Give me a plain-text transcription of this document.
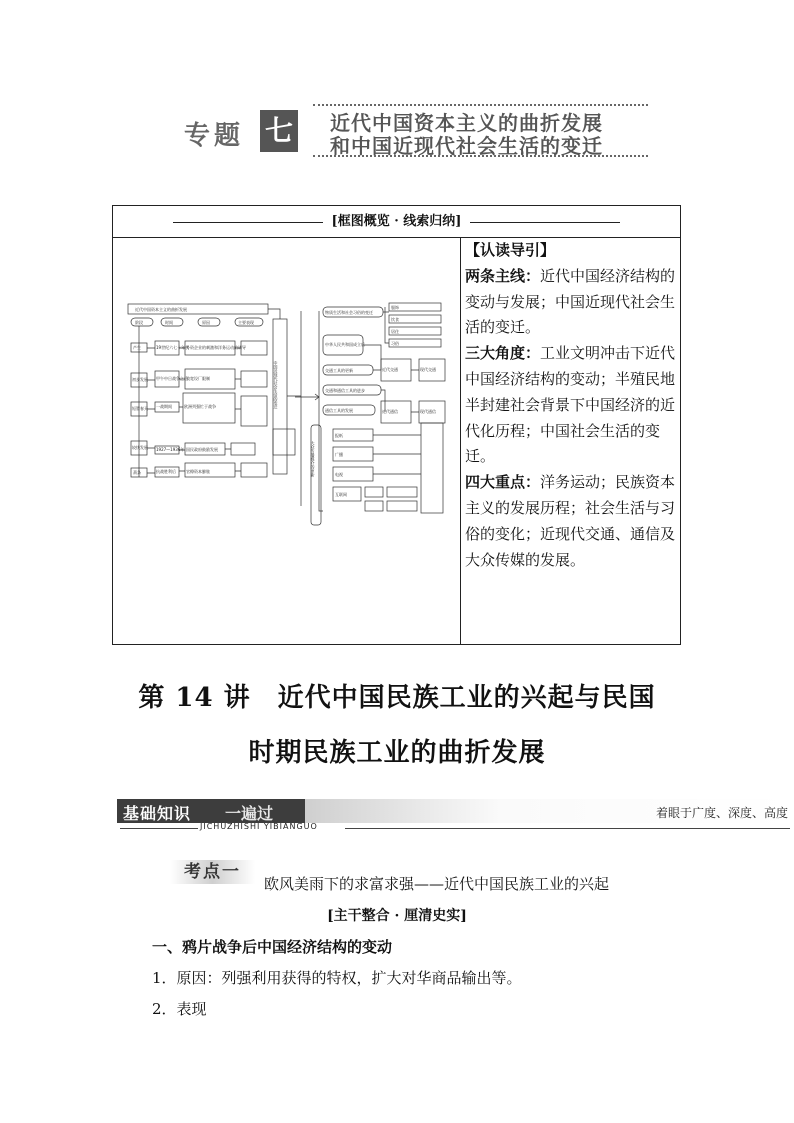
专题 七 近代中国资本主义的曲折发展
和中国近现代社会生活的变迁
[框图概览 · 线索归纳]
近代中国资本主义的曲折发展
阶段	时间	原因	主要表现
产生
初步发展
短暂春天
较快发展
萧条
19世纪六七十年代
外资企业的刺激和洋务运动的诱导
甲午中日战争之后
放宽设厂限制
一战期间	欧洲列强忙于战争
1927—1936年 国民政府鼓励发展
抗战胜利后	官僚资本膨胀
中国近现代社会生活的变迁
物质生活和社会习俗的变迁
中华人民共和国成立后
交通工具的更新
交通和通信工具的进步
通信工具的发展
大众传播媒介的更新
服饰
饮食
居住
习俗
近代交通	现代交通
近代通信	现代通信
报纸
广播
电视
互联网
【认读导引】
两条主线：近代中国经济结构的变动与发展；中国近现代社会生活的变迁。
三大角度：工业文明冲击下近代中国经济结构的变动；半殖民地半封建社会背景下中国经济的近代化历程；中国社会生活的变迁。
四大重点：洋务运动；民族资本主义的发展历程；社会生活与习俗的变化；近现代交通、通信及大众传媒的发展。
第 14 讲　近代中国民族工业的兴起与民国
时期民族工业的曲折发展
基础知识 一遍过	着眼于广度、深度、高度
JICHUZHISHI YIBIANGUO
考点一
欧风美雨下的求富求强——近代中国民族工业的兴起
[主干整合 · 厘清史实]
一、鸦片战争后中国经济结构的变动
1．原因：列强利用获得的特权，扩大对华商品输出等。
2．表现
